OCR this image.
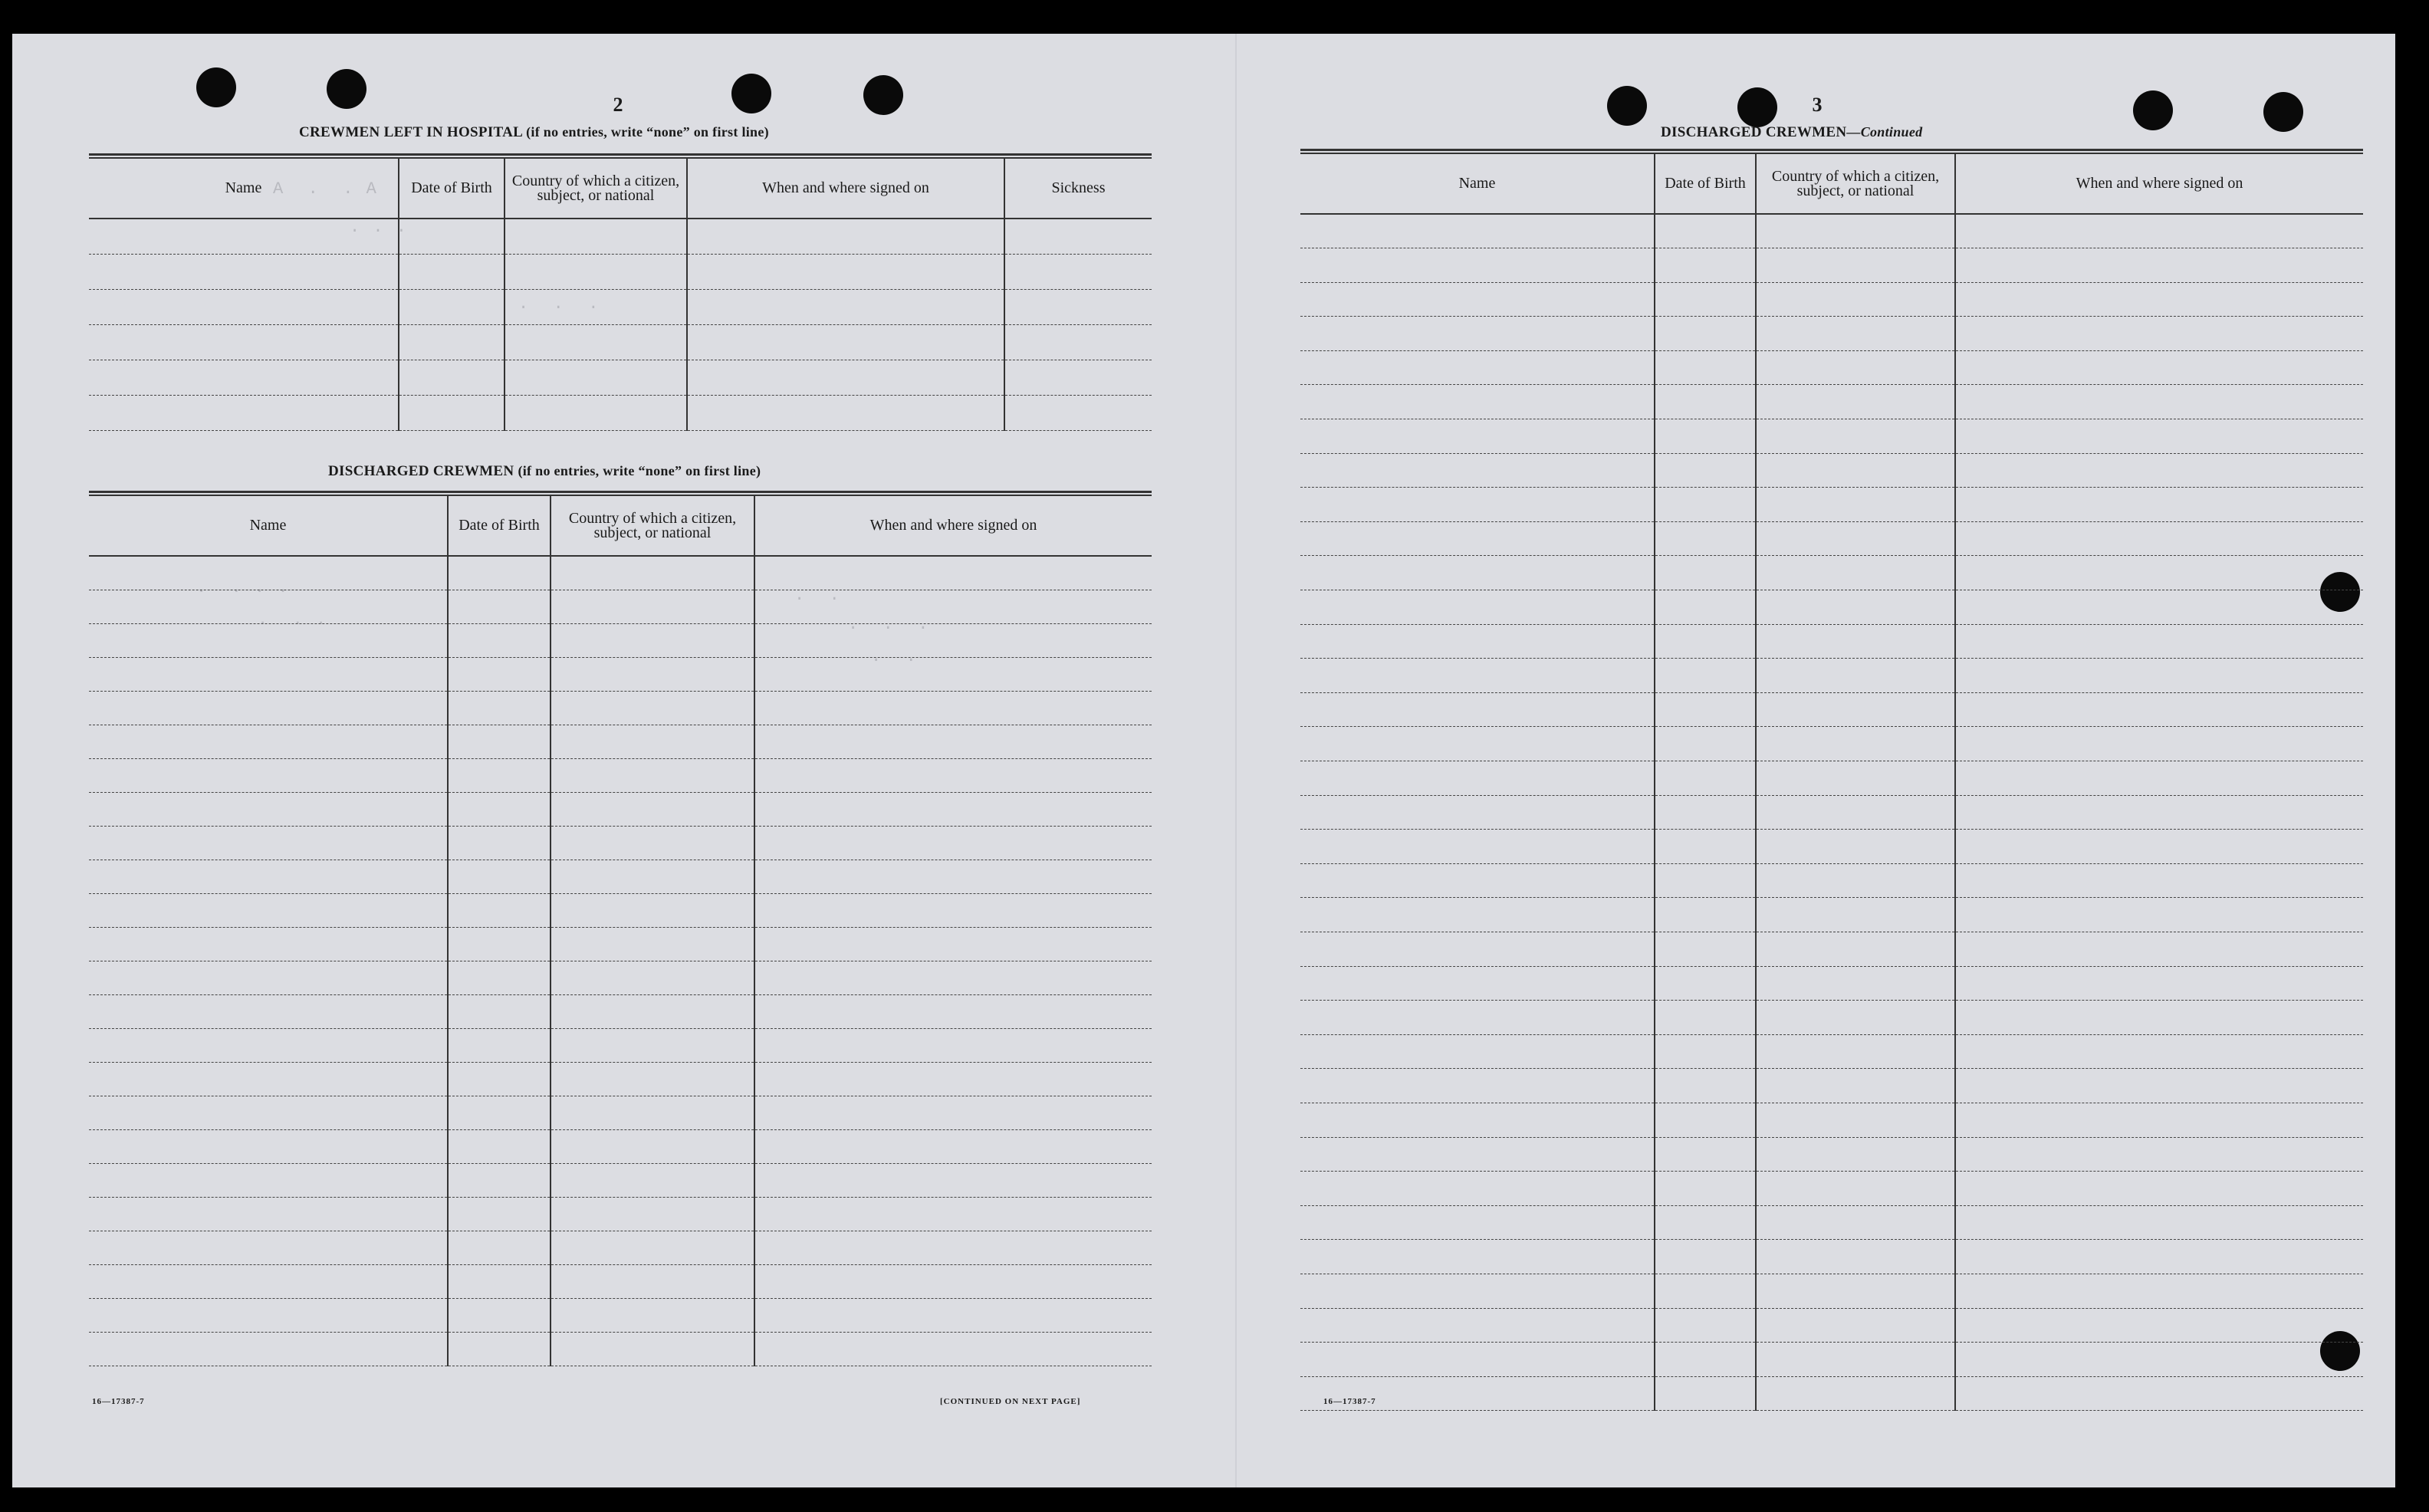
A  .  . A
. . .
.  .  .
.  . . .
.  . .
.  .
.  .  .
.  .
2
CREWMEN LEFT IN HOSPITAL (if no entries, write “none” on first line)
Name	Date of Birth	Country of which a citizen, subject, or national	When and where signed on	Sickness

DISCHARGED CREWMEN (if no entries, write “none” on first line)
Name	Date of Birth	Country of which a citizen, subject, or national	When and where signed on

16—17387-7	[CONTINUED ON NEXT PAGE]
3
DISCHARGED CREWMEN—Continued
Name	Date of Birth	Country of which a citizen, subject, or national	When and where signed on

16—17387-7
